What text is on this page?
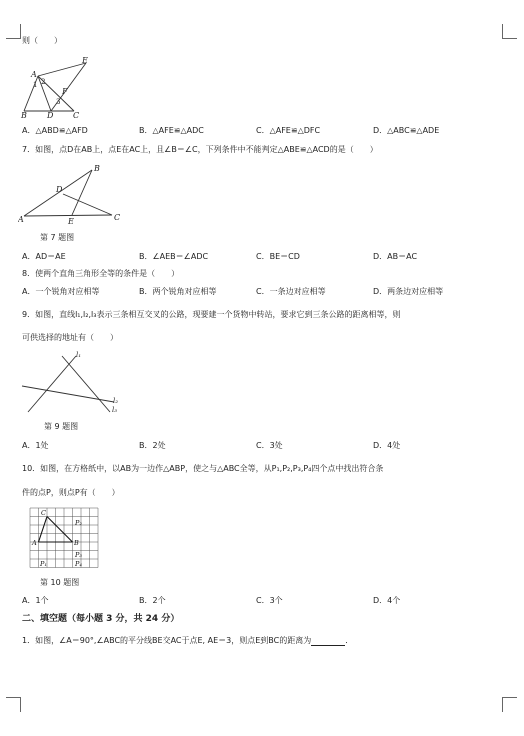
则（　　）
E
A
1 2
F
3
B	D C
A．△ABD≌△AFD	B．△AFE≌△ADC	C．△AFE≌△DFC	D．△ABC≌△ADE
7．如图，点D在AB上，点E在AC上，且∠B＝∠C，下列条件中不能判定△ABE≌△ACD的是（　　）
B
D
A	E	C
第 7 题图
A．AD＝AE	B．∠AEB＝∠ADC	C．BE＝CD	D．AB＝AC
8．使两个直角三角形全等的条件是（　　）
A．一个锐角对应相等	B．两个锐角对应相等	C．一条边对应相等	D．两条边对应相等
9．如图，直线l₁,l₂,l₃表示三条相互交叉的公路，现要建一个货物中转站，要求它到三条公路的距离相等，则
可供选择的地址有（　　）
l₁
l₂
l₃
第 9 题图
A．1处	B．2处	C．3处	D．4处
10．如图，在方格纸中，以AB为一边作△ABP，使之与△ABC全等，从P₁,P₂,P₃,P₄四个点中找出符合条
件的点P，则点P有（　　）
C
A	B
P₂
P₃
P₁	P₄
第 10 题图
A．1个	B．2个	C．3个	D．4个
二、填空题（每小题 3 分，共 24 分）
1．如图，∠A＝90°,∠ABC的平分线BE交AC于点E, AE＝3，则点E到BC的距离为	．
